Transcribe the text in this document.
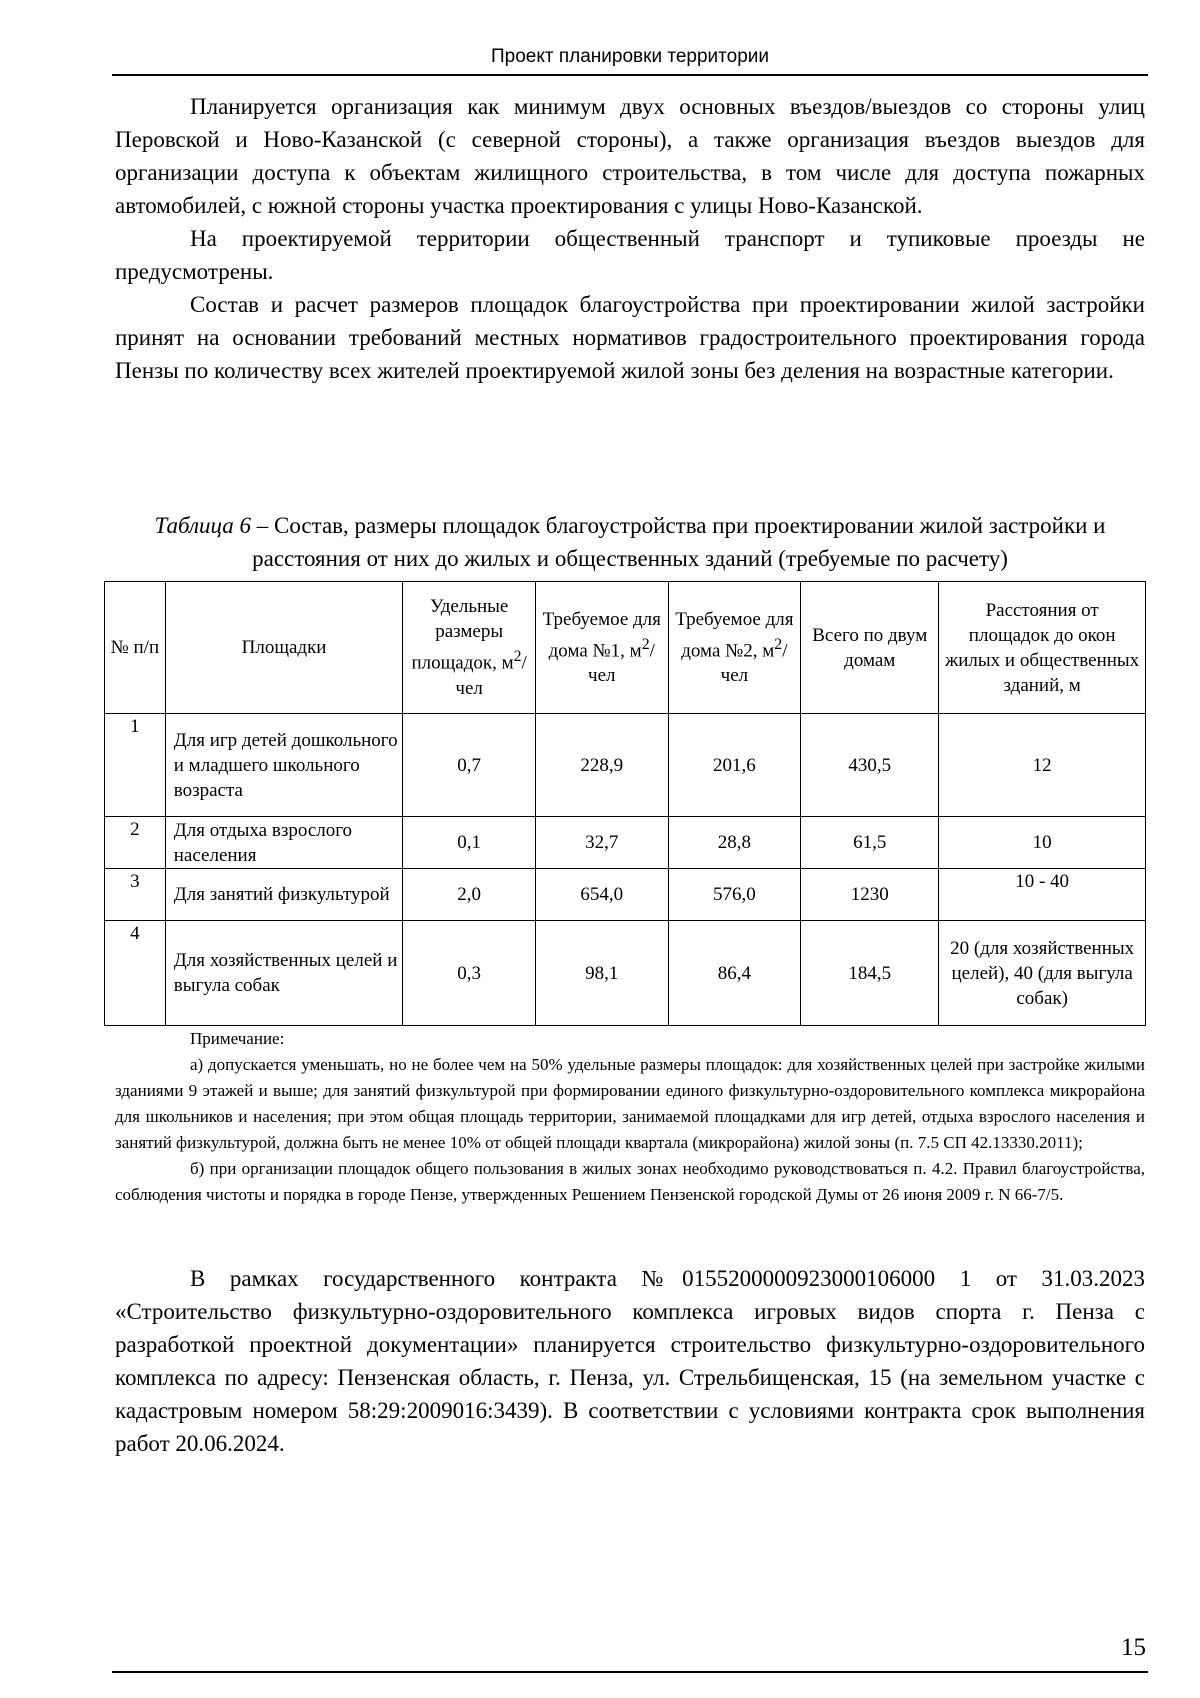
Проект планировки территории

Планируется организация как минимум двух основных въездов/выездов со стороны улиц Перовской и Ново-Казанской (с северной стороны), а также организация въездов выездов для организации доступа к объектам жилищного строительства, в том числе для доступа пожарных автомобилей, с южной стороны участка проектирования с улицы Ново-Казанской.

На проектируемой территории общественный транспорт и тупиковые проезды не предусмотрены.

Состав и расчет размеров площадок благоустройства при проектировании жилой застройки принят на основании требований местных нормативов градостроительного проектирования города Пензы по количеству всех жителей проектируемой жилой зоны без деления на возрастные категории.

Таблица 6 – Состав, размеры площадок благоустройства при проектировании жилой застройки и расстояния от них до жилых и общественных зданий (требуемые по расчету)
№ п/п	Площадки	Удельные размеры площадок, $м^2$/чел	Требуемое для дома №1, $м^2$/чел	Требуемое для дома №2, $м^2$/чел	Всего по двум домам	Расстояния от площадок до окон жилых и общественных зданий, м
1	Для игр детей дошкольного и младшего школьного возраста	0,7	228,9	201,6	430,5	12
2	Для отдыха взрослого населения	0,1	32,7	28,8	61,5	10
3	Для занятий физкультурой	2,0	654,0	576,0	1230	10 - 40
4	Для хозяйственных целей и выгула собак	0,3	98,1	86,4	184,5	20 (для хозяйственных целей), 40 (для выгула собак)

Примечание:

а) допускается уменьшать, но не более чем на 50% удельные размеры площадок: для хозяйственных целей при застройке жилыми зданиями 9 этажей и выше; для занятий физкультурой при формировании единого физкультурно-оздоровительного комплекса микрорайона для школьников и населения; при этом общая площадь территории, занимаемой площадками для игр детей, отдыха взрослого населения и занятий физкультурой, должна быть не менее 10% от общей площади квартала (микрорайона) жилой зоны (п. 7.5 СП 42.13330.2011);

б) при организации площадок общего пользования в жилых зонах необходимо руководствоваться п. 4.2. Правил благоустройства, соблюдения чистоты и порядка в городе Пензе, утвержденных Решением Пензенской городской Думы от 26 июня 2009 г. N 66-7/5.

В рамках государственного контракта №0155200000923000106000 1 от 31.03.2023 «Строительство физкультурно-оздоровительного комплекса игровых видов спорта г. Пенза с разработкой проектной документации» планируется строительство физкультурно-оздоровительного комплекса по адресу: Пензенская область, г. Пенза, ул. Стрельбищенская, 15 (на земельном участке с кадастровым номером 58:29:2009016:3439). В соответствии с условиями контракта срок выполнения работ 20.06.2024.

15
